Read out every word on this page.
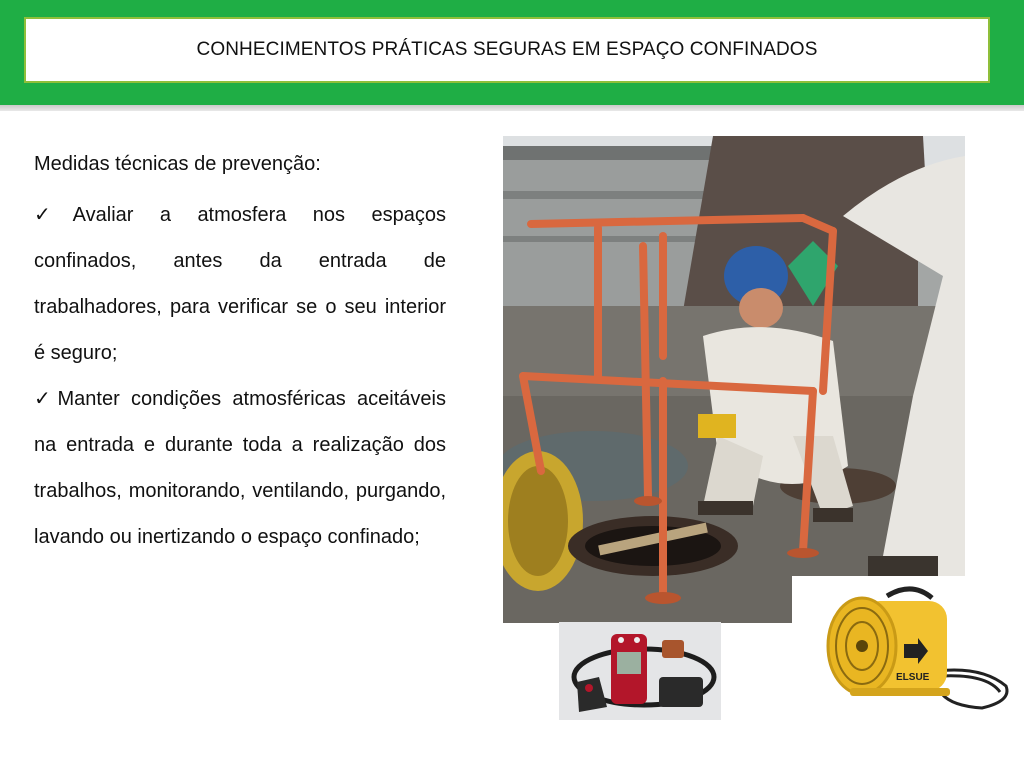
CONHECIMENTOS PRÁTICAS SEGURAS EM ESPAÇO CONFINADOS

Medidas técnicas de prevenção:

✓Avaliar a atmosfera nos espaços confinados, antes da entrada de trabalhadores, para verificar se o seu interior é seguro;

✓Manter condições atmosféricas aceitáveis na entrada e durante toda a realização dos trabalhos, monitorando, ventilando, purgando, lavando ou inertizando o espaço confinado;

ELSUE
